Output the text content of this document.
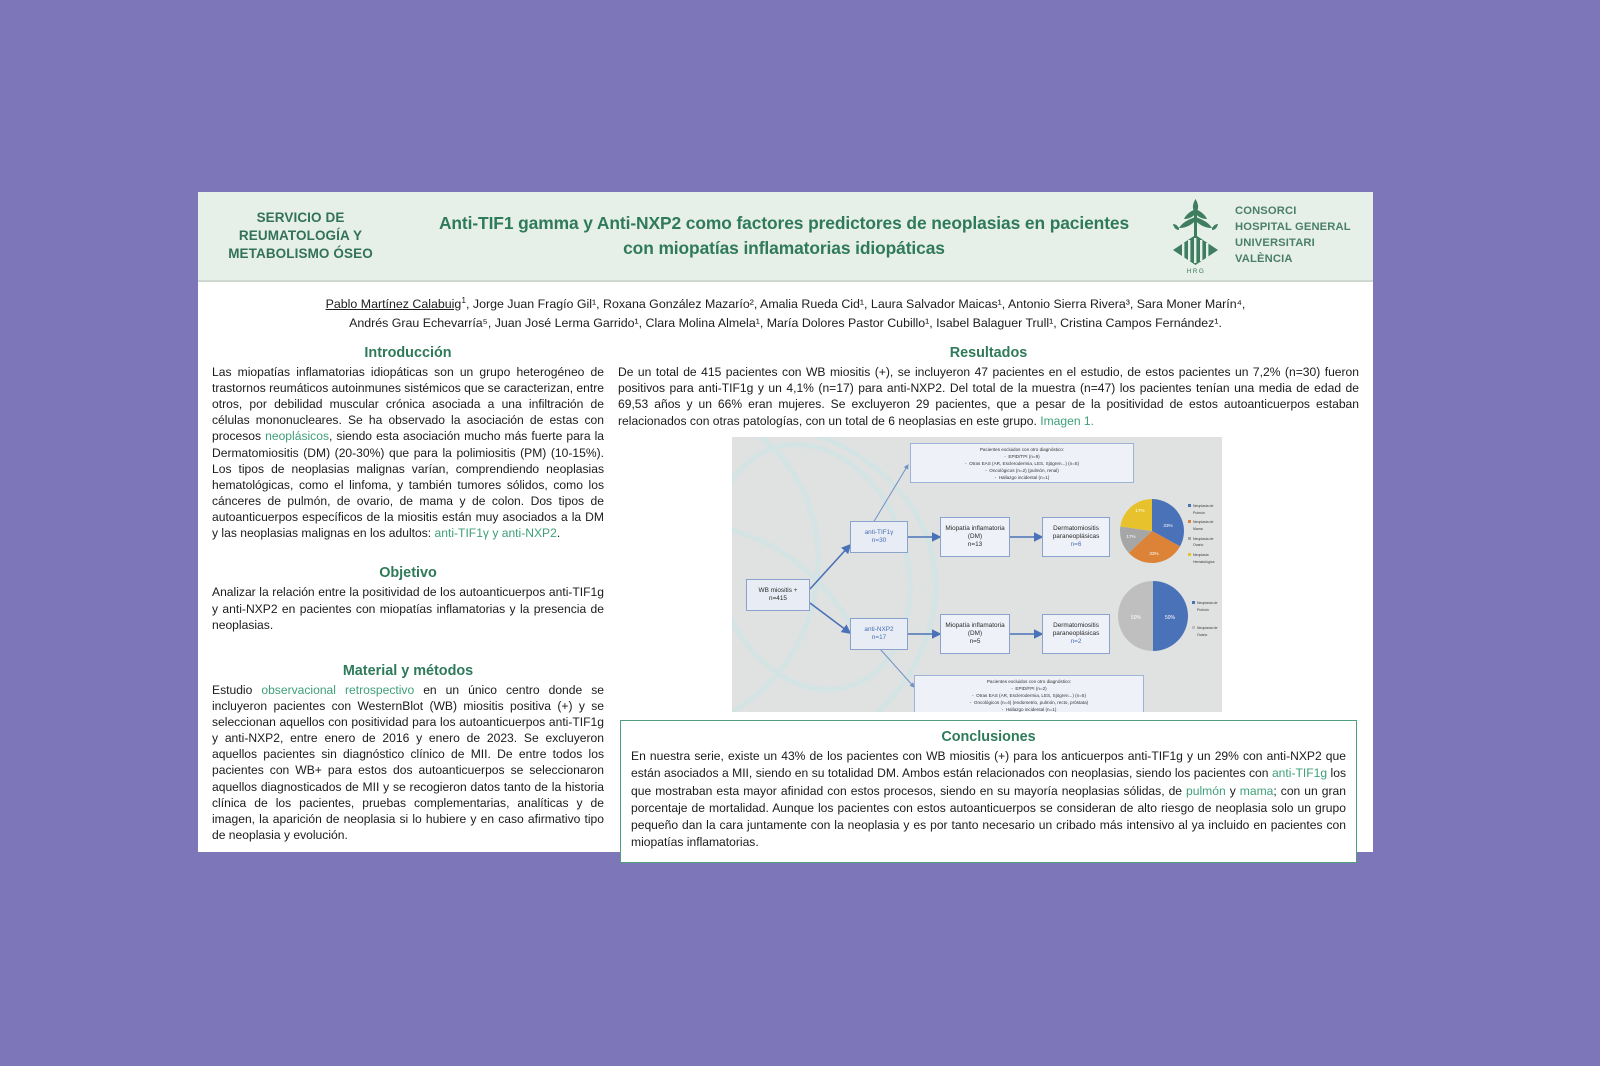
SERVICIO DE
REUMATOLOGÍA Y
METABOLISMO ÓSEO
Anti-TIF1 gamma y Anti-NXP2 como factores predictores de neoplasias en pacientes
con miopatías inflamatorias idiopáticas
HRG
CONSORCI
HOSPITAL GENERAL
UNIVERSITARI
VALÈNCIA
Pablo Martínez Calabuig$^1$, Jorge Juan Fragío Gil¹, Roxana González Mazarío², Amalia Rueda Cid¹, Laura Salvador Maicas¹, Antonio Sierra Rivera³, Sara Moner Marín⁴,
Andrés Grau Echevarría⁵, Juan José Lerma Garrido¹, Clara Molina Almela¹, María Dolores Pastor Cubillo¹, Isabel Balaguer Trull¹, Cristina Campos Fernández¹.
Introducción

Las miopatías inflamatorias idiopáticas son un grupo heterogéneo de trastornos reumáticos autoinmunes sistémicos que se caracterizan, entre otros, por debilidad muscular crónica asociada a una infiltración de células mononucleares. Se ha observado la asociación de estas con procesos neoplásicos, siendo esta asociación mucho más fuerte para la Dermatomiositis (DM) (20-30%) que para la polimiositis (PM) (10-15%). Los tipos de neoplasias malignas varían, comprendiendo neoplasias hematológicas, como el linfoma, y también tumores sólidos, como los cánceres de pulmón, de ovario, de mama y de colon. Dos tipos de autoanticuerpos específicos de la miositis están muy asociados a la DM y las neoplasias malignas en los adultos: anti-TIF1γ y anti-NXP2.

Objetivo

Analizar la relación entre la positividad de los autoanticuerpos anti-TIF1g y anti-NXP2 en pacientes con miopatías inflamatorias y la presencia de neoplasias.

Material y métodos

Estudio observacional retrospectivo en un único centro donde se incluyeron pacientes con WesternBlot (WB) miositis positiva (+) y se seleccionan aquellos con positividad para los autoanticuerpos anti-TIF1g y anti-NXP2, entre enero de 2016 y enero de 2023. Se excluyeron aquellos pacientes sin diagnóstico clínico de MII. De entre todos los pacientes con WB+ para estos dos autoanticuerpos se seleccionaron aquellos diagnosticados de MII y se recogieron datos tanto de la historia clínica de los pacientes, pruebas complementarias, analíticas y de imagen, la aparición de neoplasia si lo hubiere y en caso afirmativo tipo de neoplasia y evolución.

Resultados

De un total de 415 pacientes con WB miositis (+), se incluyeron 47 pacientes en el estudio, de estos pacientes un 7,2% (n=30) fueron positivos para anti-TIF1g y un 4,1% (n=17) para anti-NXP2. Del total de la muestra (n=47) los pacientes tenían una media de edad de 69,53 años y un 66% eran mujeres. Se excluyeron 29 pacientes, que a pesar de la positividad de estos autoanticuerpos estaban relacionados con otras patologías, con un total de 6 neoplasias en este grupo. Imagen 1.

Pacientes excluidos con otro diagnóstico:
-  EPID/TPI (n=9)
-  Otras EAS (AR, Esclerodermia, LES, Sjögren...) (n=5)
-  Oncológicos (n=2) (pulmón, renal)
-  Hallazgo incidental (n=1)
WB miositis +
n=415
anti-TIF1γ
n=30
anti-NXP2
n=17
Miopatía inflamatoria (DM)
n=13
Miopatía inflamatoria (DM)
n=5
Dermatomiositis paraneoplásicas
n=6
Dermatomiositis paraneoplásicas
n=2
Pacientes excluidos con otro diagnóstico:
-  EPID/FPI (n=2)
-  Otras EAS (AR, Esclerodermia, LES, Sjögren...) (n=5)
-  Oncológicos (n=4) (endometrio, pulmón, recto, próstata)
-  Hallazgo incidental (n=1)
33%
33%
17%
17%
Neoplasia de Pulmón
Neoplasia de Mama
Neoplasia de Ovario
Neoplasia Hematológica
50%
50%
Neoplasia de Pulmón
Neoplasia de Ovario
Conclusiones

En nuestra serie, existe un 43% de los pacientes con WB miositis (+) para los anticuerpos anti-TIF1g y un 29% con anti-NXP2 que están asociados a MII, siendo en su totalidad DM. Ambos están relacionados con neoplasias, siendo los pacientes con anti-TIF1g los que mostraban esta mayor afinidad con estos procesos, siendo en su mayoría neoplasias sólidas, de pulmón y mama; con un gran porcentaje de mortalidad. Aunque los pacientes con estos autoanticuerpos se consideran de alto riesgo de neoplasia solo un grupo pequeño dan la cara juntamente con la neoplasia y es por tanto necesario un cribado más intensivo al ya incluido en pacientes con miopatías inflamatorias.
